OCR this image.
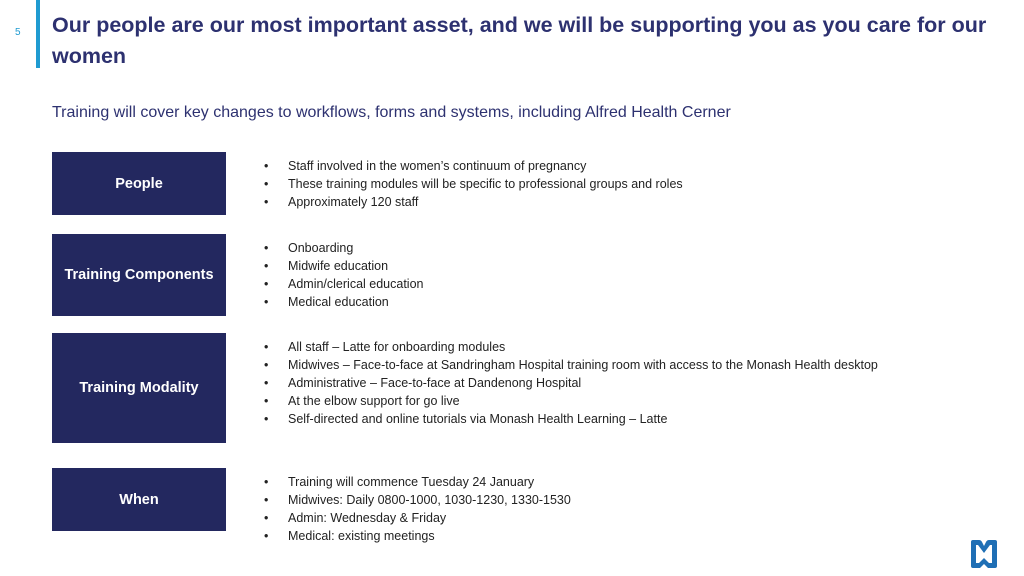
5 Our people are our most important asset, and we will be supporting you as you care for our women
Training will cover key changes to workflows, forms and systems, including Alfred Health Cerner
People
• Staff involved in the women’s continuum of pregnancy
• These training modules will be specific to professional groups and roles
• Approximately 120 staff
Training Components
• Onboarding
• Midwife education
• Admin/clerical education
• Medical education
Training Modality
• All staff – Latte for onboarding modules
• Midwives – Face-to-face at Sandringham Hospital training room with access to the Monash Health desktop
• Administrative – Face-to-face at Dandenong Hospital
• At the elbow support for go live
• Self-directed and online tutorials via Monash Health Learning – Latte
When
• Training will commence Tuesday 24 January
• Midwives: Daily 0800-1000, 1030-1230, 1330-1530
• Admin: Wednesday & Friday
• Medical: existing meetings
